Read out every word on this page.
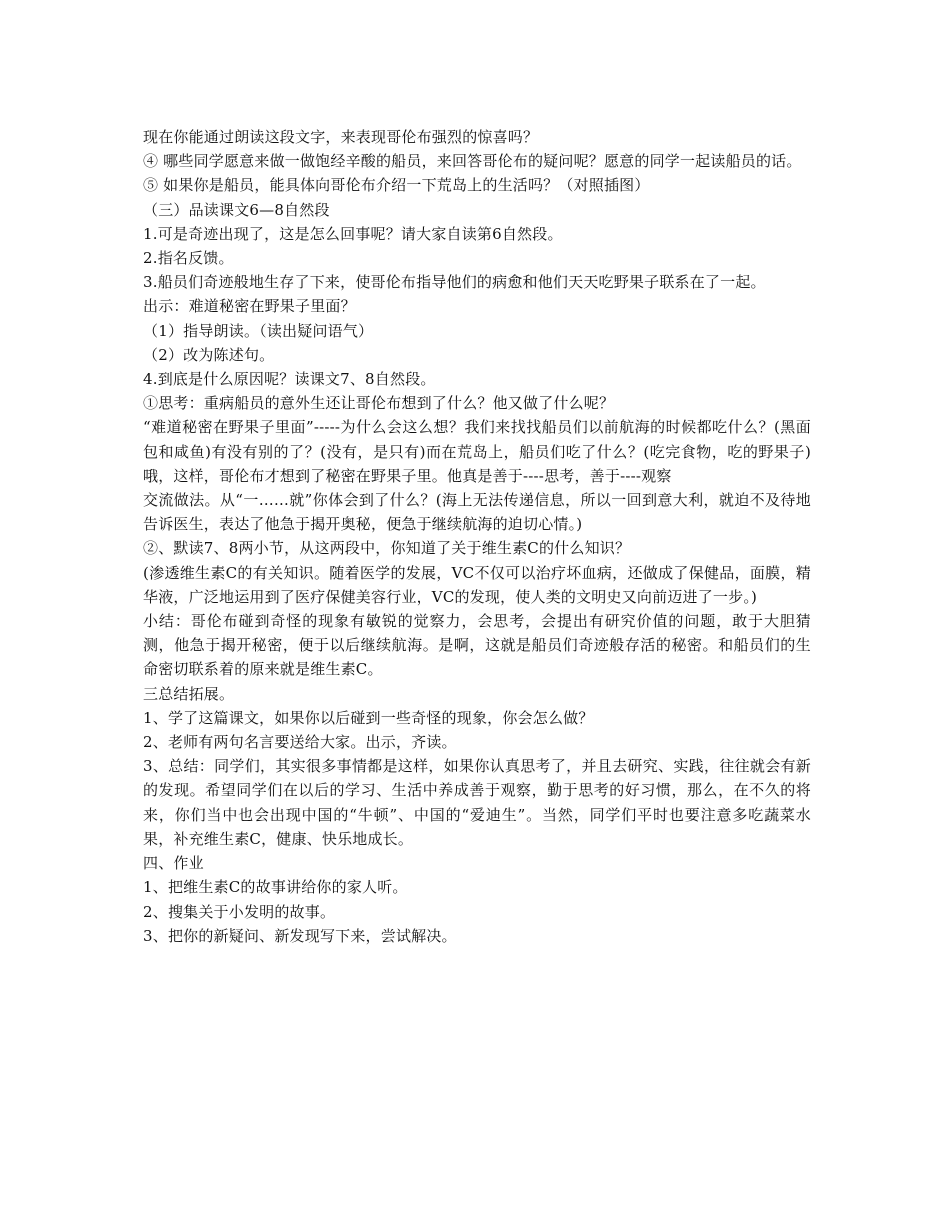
现在你能通过朗读这段文字，来表现哥伦布强烈的惊喜吗？

④ 哪些同学愿意来做一做饱经辛酸的船员，来回答哥伦布的疑问呢？愿意的同学一起读船员的话。

⑤ 如果你是船员，能具体向哥伦布介绍一下荒岛上的生活吗？（对照插图）

（三）品读课文6—8自然段

1.可是奇迹出现了，这是怎么回事呢？请大家自读第6自然段。

2.指名反馈。

3.船员们奇迹般地生存了下来，使哥伦布指导他们的病愈和他们天天吃野果子联系在了一起。

出示：难道秘密在野果子里面？

（1）指导朗读。（读出疑问语气）

（2）改为陈述句。

4.到底是什么原因呢？读课文7、8自然段。

①思考：重病船员的意外生还让哥伦布想到了什么？他又做了什么呢？

“难道秘密在野果子里面”-----为什么会这么想？我们来找找船员们以前航海的时候都吃什么？(黑面包和咸鱼)有没有别的了？(没有，是只有)而在荒岛上，船员们吃了什么？(吃完食物，吃的野果子)哦，这样，哥伦布才想到了秘密在野果子里。他真是善于----思考，善于----观察

交流做法。从“一……就”你体会到了什么？(海上无法传递信息，所以一回到意大利，就迫不及待地告诉医生，表达了他急于揭开奥秘，便急于继续航海的迫切心情。)

②、默读7、8两小节，从这两段中，你知道了关于维生素C的什么知识？

(渗透维生素C的有关知识。随着医学的发展，VC不仅可以治疗坏血病，还做成了保健品，面膜，精华液，广泛地运用到了医疗保健美容行业，VC的发现，使人类的文明史又向前迈进了一步。)

小结：哥伦布碰到奇怪的现象有敏锐的觉察力，会思考，会提出有研究价值的问题，敢于大胆猜测，他急于揭开秘密，便于以后继续航海。是啊，这就是船员们奇迹般存活的秘密。和船员们的生命密切联系着的原来就是维生素C。

三总结拓展。

1、学了这篇课文，如果你以后碰到一些奇怪的现象，你会怎么做？

2、老师有两句名言要送给大家。出示，齐读。

3、总结：同学们，其实很多事情都是这样，如果你认真思考了，并且去研究、实践，往往就会有新的发现。希望同学们在以后的学习、生活中养成善于观察，勤于思考的好习惯，那么，在不久的将来，你们当中也会出现中国的“牛顿”、中国的“爱迪生”。当然，同学们平时也要注意多吃蔬菜水果，补充维生素C，健康、快乐地成长。

四、作业

1、把维生素C的故事讲给你的家人听。

2、搜集关于小发明的故事。

3、把你的新疑问、新发现写下来，尝试解决。
